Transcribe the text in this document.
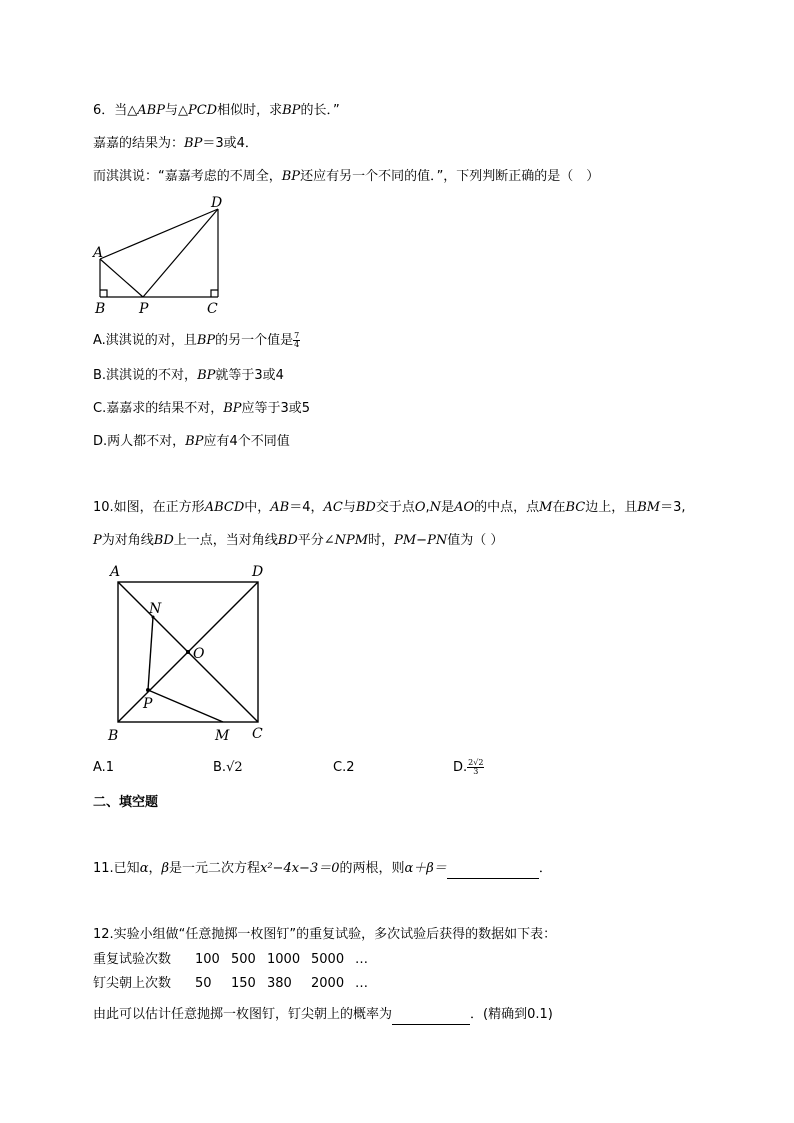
6．当△ABP与△PCD相似时，求BP的长．”
嘉嘉的结果为：BP＝3或4．
而淇淇说：“嘉嘉考虑的不周全，BP还应有另一个不同的值．”，下列判断正确的是（　）
D
A
B P	C
A.淇淇说的对，且BP的另一个值是 $\frac{7}{4}$
B.淇淇说的不对，BP就等于3或4
C.嘉嘉求的结果不对，BP应等于3或5
D.两人都不对，BP应有4个不同值
10.如图，在正方形ABCD中，AB＝4，AC与BD交于点O,N是AO的中点，点M在BC边上，且BM＝3,
P为对角线BD上一点，当对角线BD平分∠NPM时，PM−PN值为（ ）
A	D
N
O
P
B	M C
A.1	B.√2	C.2	D. $\frac{2√2}{3}$
二、填空题
11.已知α，β是一元二次方程x²−4x−3＝0的两根，则α＋β＝	．
12.实验小组做“任意抛掷一枚图钉”的重复试验，多次试验后获得的数据如下表：
重复试验次数 100 500 1000 5000 …
钉尖朝上次数 50 150 380 2000 …
由此可以估计任意抛掷一枚图钉，钉尖朝上的概率为	．(精确到0.1)
